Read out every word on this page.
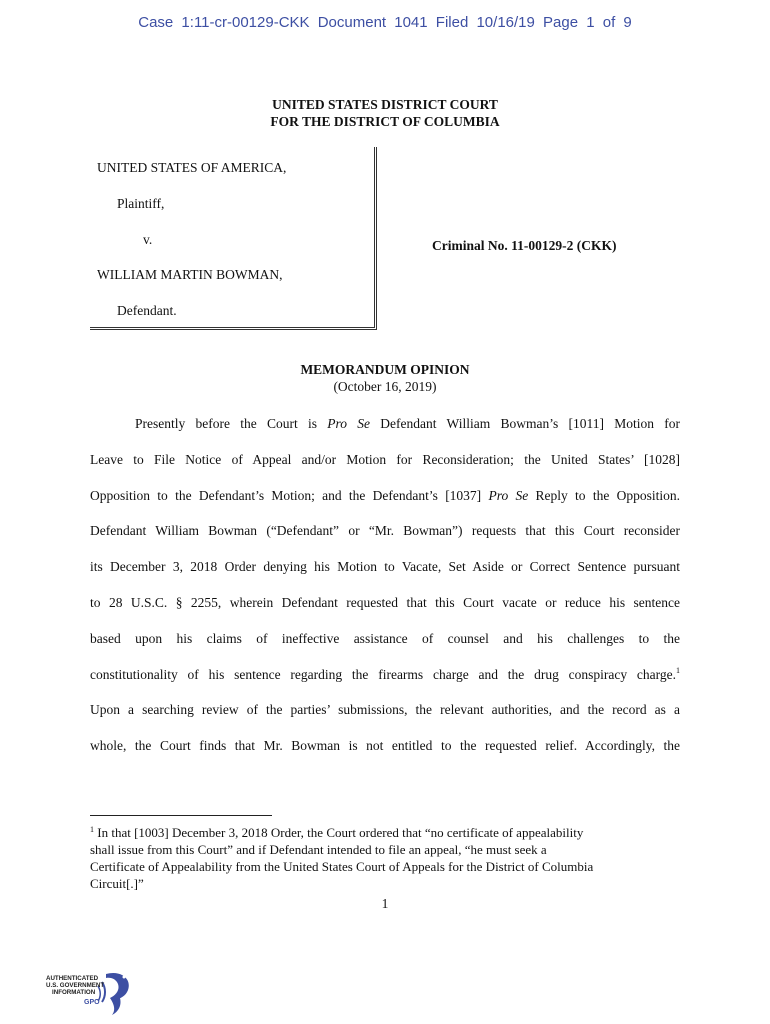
Case 1:11-cr-00129-CKK Document 1041 Filed 10/16/19 Page 1 of 9
UNITED STATES DISTRICT COURT
FOR THE DISTRICT OF COLUMBIA
UNITED STATES OF AMERICA,
Plaintiff,
v.
WILLIAM MARTIN BOWMAN,
Defendant.
Criminal No. 11-00129-2 (CKK)
MEMORANDUM OPINION
(October 16, 2019)
Presently before the Court is Pro Se Defendant William Bowman’s [1011] Motion for
Leave to File Notice of Appeal and/or Motion for Reconsideration; the United States’ [1028]
Opposition to the Defendant’s Motion; and the Defendant’s [1037] Pro Se Reply to the Opposition.
Defendant William Bowman (“Defendant” or “Mr. Bowman”) requests that this Court reconsider
its December 3, 2018 Order denying his Motion to Vacate, Set Aside or Correct Sentence pursuant
to 28 U.S.C. § 2255, wherein Defendant requested that this Court vacate or reduce his sentence
based upon his claims of ineffective assistance of counsel and his challenges to the
constitutionality of his sentence regarding the firearms charge and the drug conspiracy charge.$^1$
Upon a searching review of the parties’ submissions, the relevant authorities, and the record as a
whole, the Court finds that Mr. Bowman is not entitled to the requested relief. Accordingly, the
$^1$ In that [1003] December 3, 2018 Order, the Court ordered that “no certificate of appealability
shall issue from this Court” and if Defendant intended to file an appeal, “he must seek a
Certificate of Appealability from the United States Court of Appeals for the District of Columbia
Circuit[.]”
1
AUTHENTICATED
U.S. GOVERNMENT
INFORMATION
GPO
